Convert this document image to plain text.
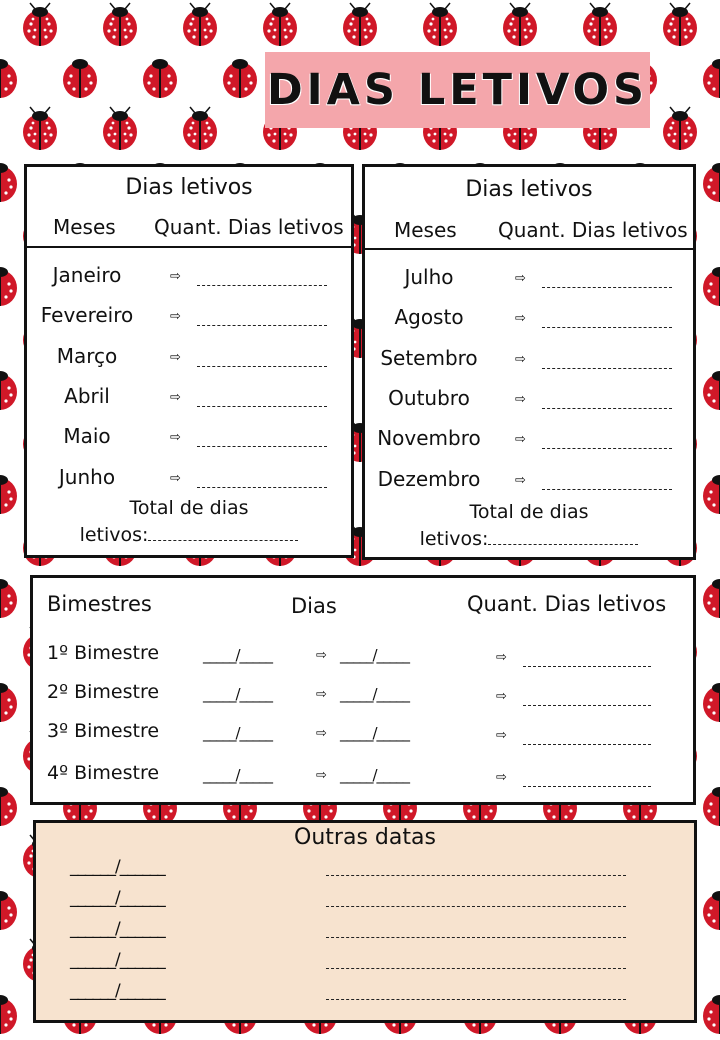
DIAS LETIVOS
Dias letivos
Meses Quant. Dias letivos
Janeiro	⇨
Fevereiro	⇨
Março	⇨
Abril	⇨
Maio	⇨
Junho	⇨
Total de dias
letivos:
Dias letivos
Meses Quant. Dias letivos
Julho	⇨
Agosto	⇨
Setembro	⇨
Outubro	⇨
Novembro	⇨
Dezembro	⇨
Total de dias
letivos:
Bimestres	Dias	Quant. Dias letivos
1º Bimestre	_____/_____	⇨ _____/_____	⇨
2º Bimestre	_____/_____	⇨ _____/_____	⇨
3º Bimestre	_____/_____	⇨ _____/_____	⇨
4º Bimestre	_____/_____	⇨ _____/_____	⇨
Outras datas
______/______
______/______
______/______
______/______
______/______
